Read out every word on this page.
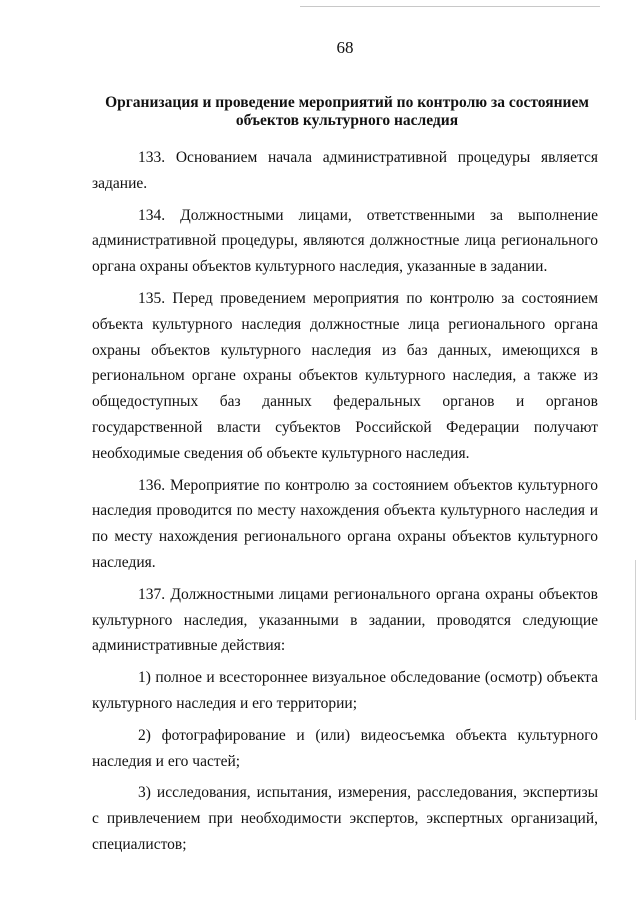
68
Организация и проведение мероприятий по контролю за состоянием объектов культурного наследия

133. Основанием начала административной процедуры является задание.

134. Должностными лицами, ответственными за выполнение административной процедуры, являются должностные лица регионального органа охраны объектов культурного наследия, указанные в задании.

135. Перед проведением мероприятия по контролю за состоянием объекта культурного наследия должностные лица регионального органа охраны объектов культурного наследия из баз данных, имеющихся в региональном органе охраны объектов культурного наследия, а также из общедоступных баз данных федеральных органов и органов государственной власти субъектов Российской Федерации получают необходимые сведения об объекте культурного наследия.

136. Мероприятие по контролю за состоянием объектов культурного наследия проводится по месту нахождения объекта культурного наследия и по месту нахождения регионального органа охраны объектов культурного наследия.

137. Должностными лицами регионального органа охраны объектов культурного наследия, указанными в задании, проводятся следующие административные действия:

1) полное и всестороннее визуальное обследование (осмотр) объекта культурного наследия и его территории;

2) фотографирование и (или) видеосъемка объекта культурного наследия и его частей;

3) исследования, испытания, измерения, расследования, экспертизы с привлечением при необходимости экспертов, экспертных организаций, специалистов;
